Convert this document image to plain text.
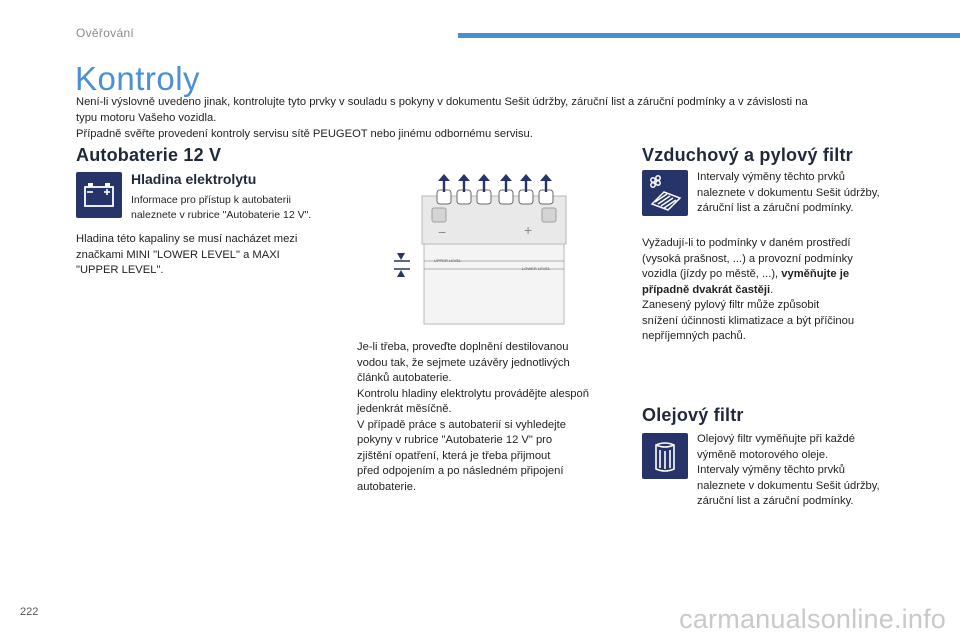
Ověřování
Kontroly
Není-li výslovně uvedeno jinak, kontrolujte tyto prvky v souladu s pokyny v dokumentu Sešit údržby, záruční list a záruční podmínky a v závislosti na
typu motoru Vašeho vozidla.
Případně svěřte provedení kontroly servisu sítě PEUGEOT nebo jinému odbornému servisu.
Autobaterie 12 V
Hladina elektrolytu
Informace pro přístup k autobaterii
naleznete v rubrice "Autobaterie 12 V".
Hladina této kapaliny se musí nacházet mezi
značkami MINI "LOWER LEVEL" a MAXI
"UPPER LEVEL".
−	+
UPPER LEVEL
LOWER LEVEL
Je-li třeba, proveďte doplnění destilovanou
vodou tak, že sejmete uzávěry jednotlivých
článků autobaterie.
Kontrolu hladiny elektrolytu provádějte alespoň
jedenkrát měsíčně.
V případě práce s autobaterií si vyhledejte
pokyny v rubrice "Autobaterie 12 V" pro
zjištění opatření, která je třeba přijmout
před odpojením a po následném připojení
autobaterie.
Vzduchový a pylový filtr
Intervaly výměny těchto prvků
naleznete v dokumentu Sešit údržby,
záruční list a záruční podmínky.
Vyžadují-li to podmínky v daném prostředí
(vysoká prašnost, ...) a provozní podmínky
vozidla (jízdy po městě, ...), vyměňujte je
případně dvakrát častěji.
Zanesený pylový filtr může způsobit
snížení účinnosti klimatizace a být příčinou
nepříjemných pachů.
Olejový filtr
Olejový filtr vyměňujte při každé
výměně motorového oleje.
Intervaly výměny těchto prvků
naleznete v dokumentu Sešit údržby,
záruční list a záruční podmínky.
222	carmanualsonline.info
